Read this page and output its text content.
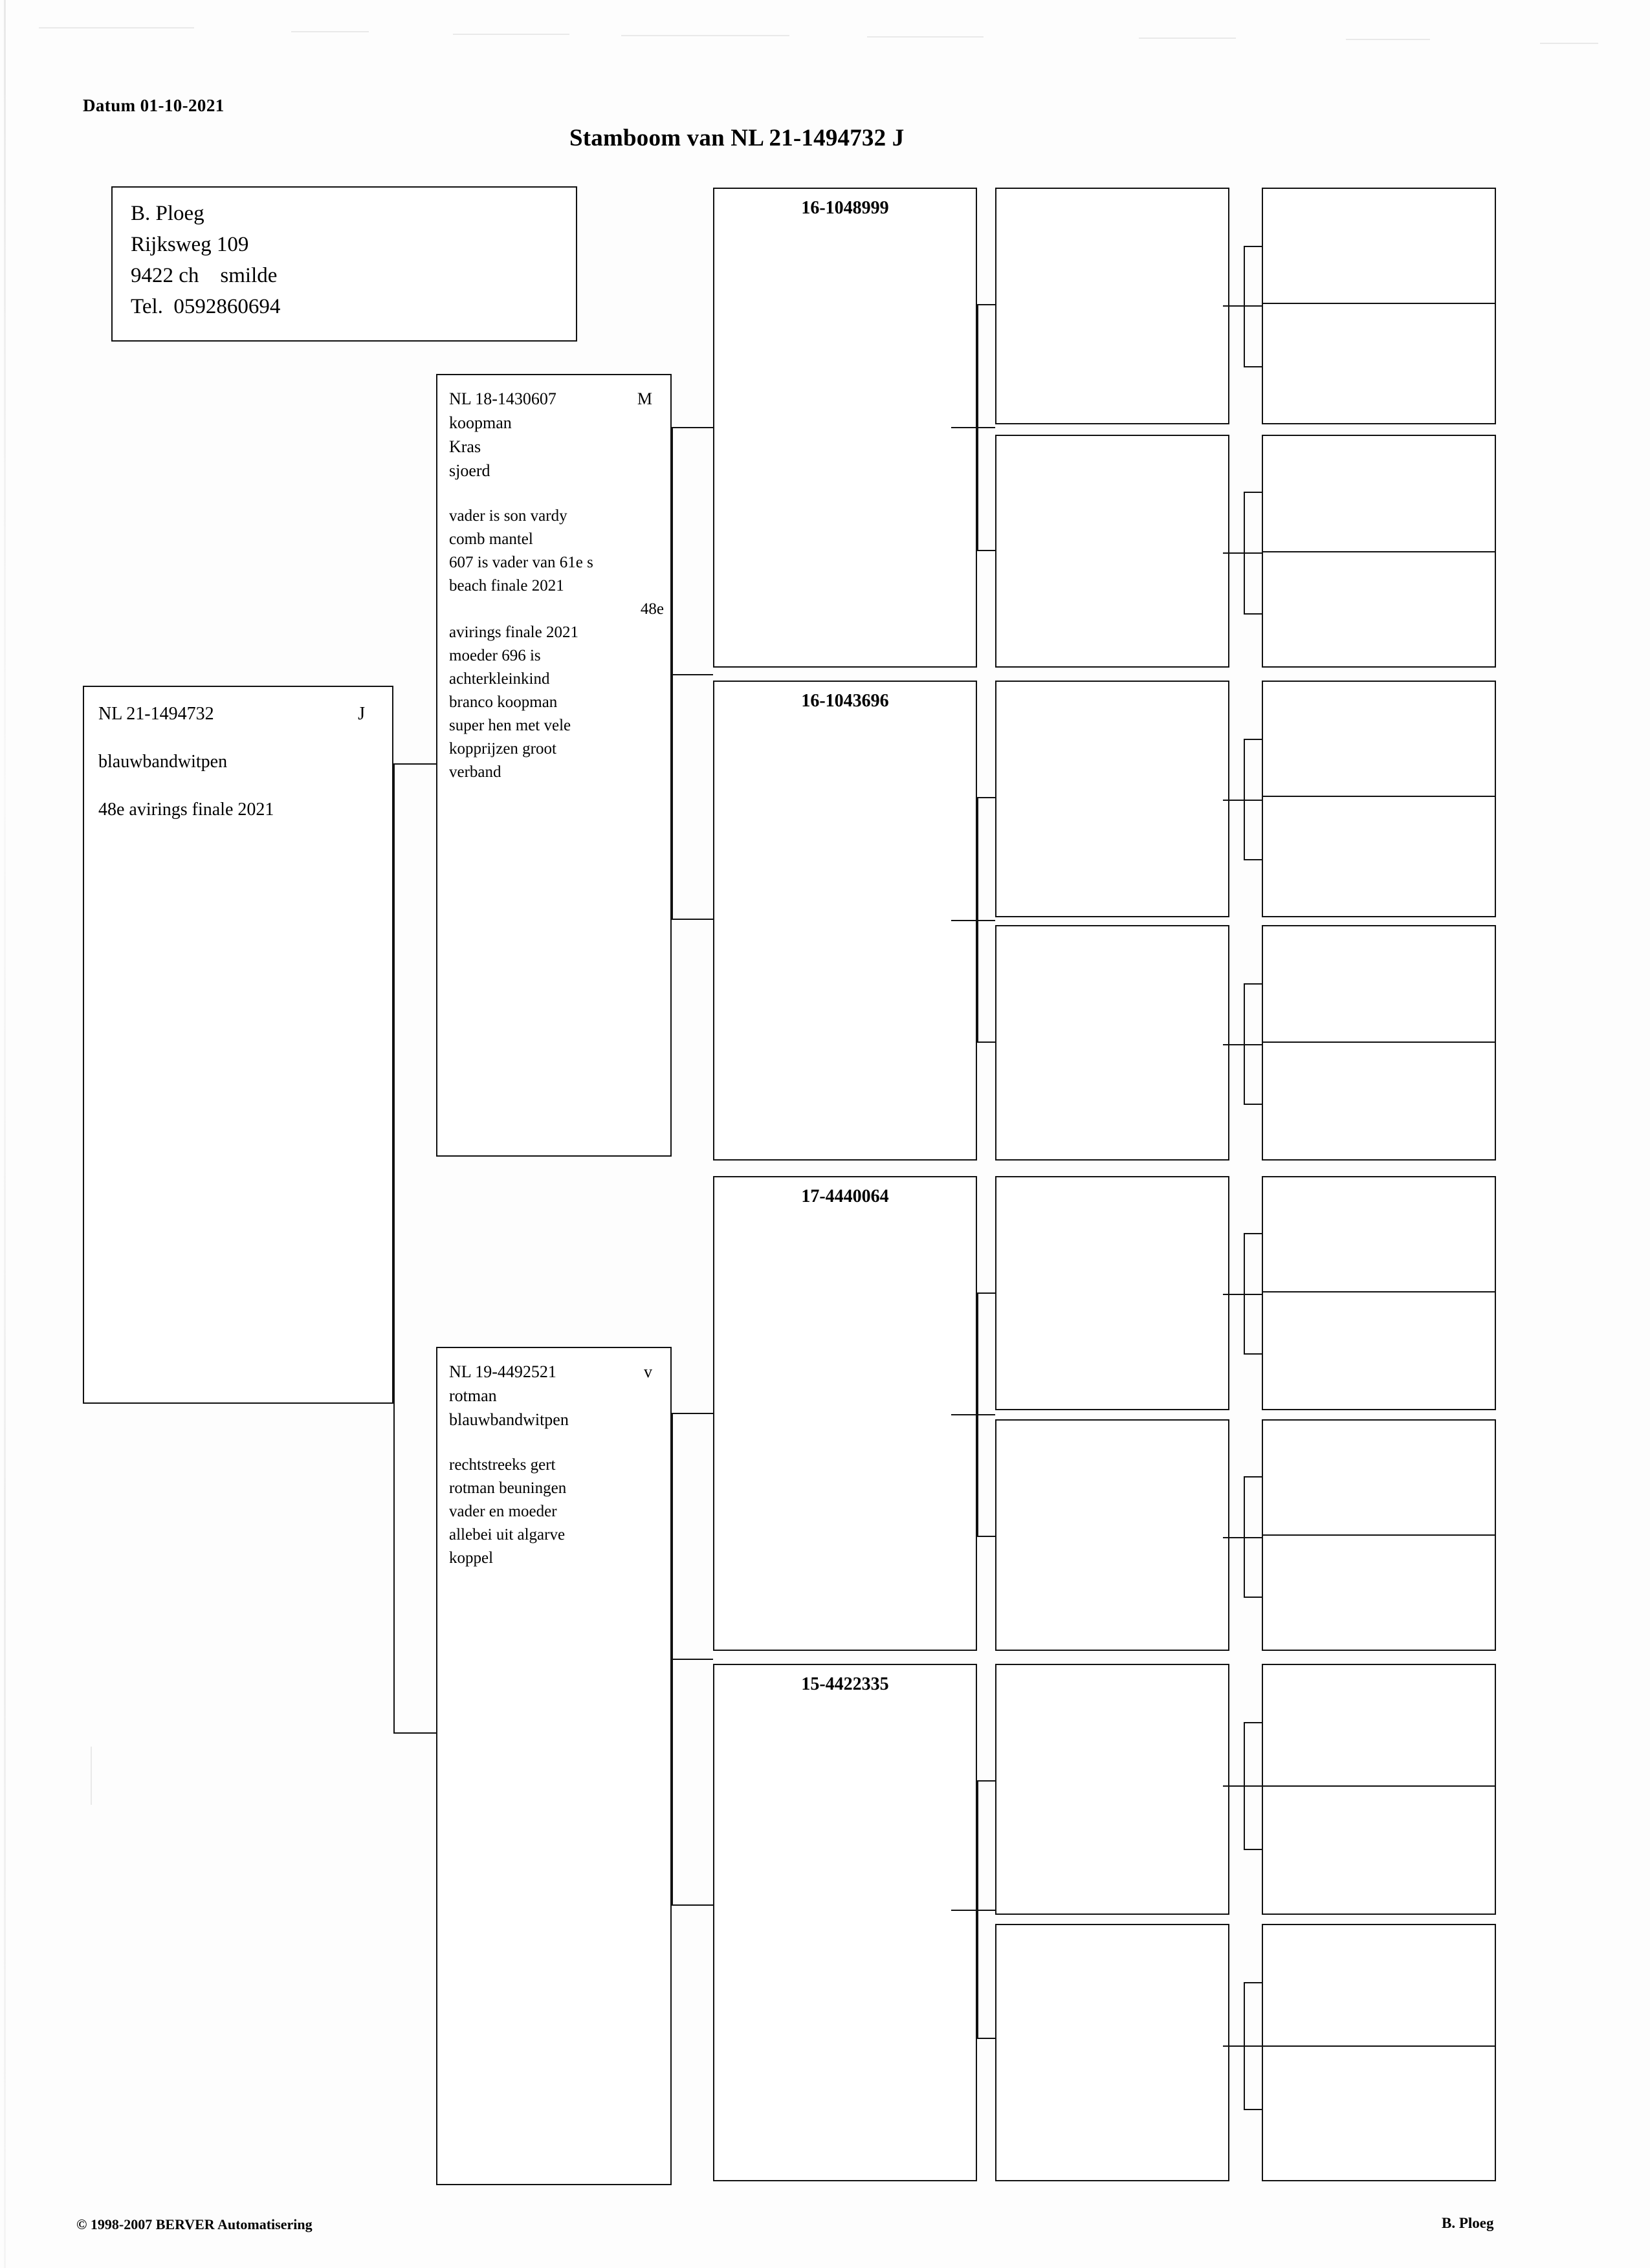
Datum 01-10-2021
Stamboom van NL 21-1494732 J
B. Ploeg
Rijksweg 109
9422 ch    smilde
Tel.  0592860694
NL 21-1494732	J
blauwbandwitpen
48e avirings finale 2021
NL 18-1430607	M
koopman
Kras
sjoerd
vader is son vardy
comb mantel
607 is vader van 61e s
beach finale 2021
48e
avirings finale 2021
moeder 696 is
achterkleinkind
branco koopman
super hen met vele
kopprijzen groot
verband
NL 19-4492521	v
rotman
blauwbandwitpen
rechtstreeks gert
rotman beuningen
vader en moeder
allebei uit algarve
koppel
16-1048999
16-1043696
17-4440064
15-4422335
© 1998-2007 BERVER Automatisering	B. Ploeg
